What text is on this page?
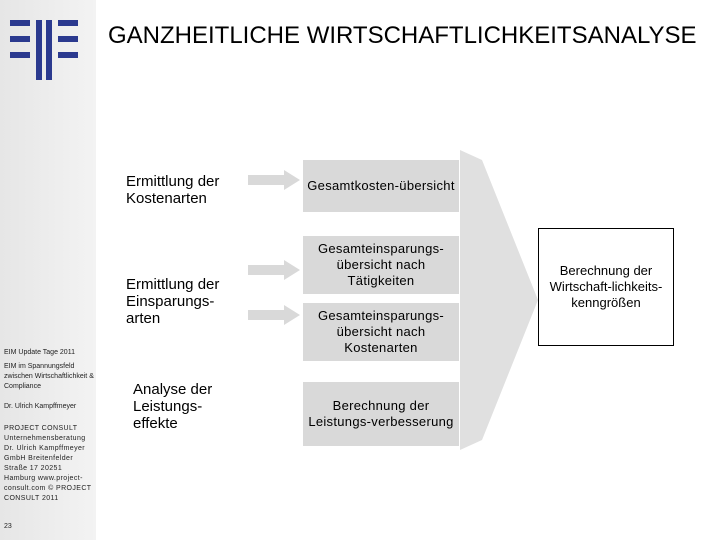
EIM Update Tage 2011
EIM im Spannungsfeld zwischen Wirtschaftlichkeit & Compliance
Dr. Ulrich Kampffmeyer
PROJECT CONSULT Unternehmensberatung Dr. Ulrich Kampffmeyer GmbH Breitenfelder Straße 17 20251 Hamburg www.project-consult.com © PROJECT CONSULT 2011
23
GANZHEITLICHE WIRTSCHAFTLICHKEITSANALYSE
Ermittlung der Kostenarten
Ermittlung der Einsparungs-arten
Analyse der Leistungs-effekte
Gesamtkosten-übersicht
Gesamteinsparungs-übersicht nach Tätigkeiten
Gesamteinsparungs-übersicht nach Kostenarten
Berechnung der Leistungs-verbesserung
Berechnung der Wirtschaft-lichkeits-kenngrößen
